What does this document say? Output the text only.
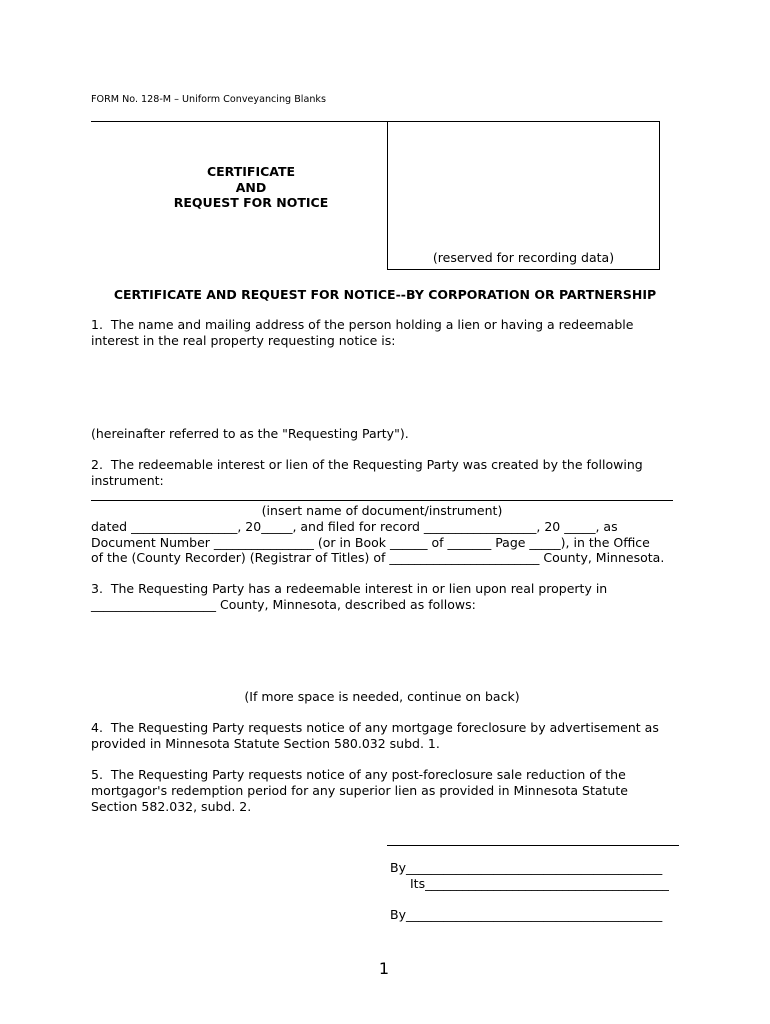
FORM No. 128-M – Uniform Conveyancing Blanks
CERTIFICATE
AND
REQUEST FOR NOTICE
(reserved for recording data)
CERTIFICATE AND REQUEST FOR NOTICE--BY CORPORATION OR PARTNERSHIP
1.  The name and mailing address of the person holding a lien or having a redeemable
interest in the real property requesting notice is:
(hereinafter referred to as the "Requesting Party").
2.  The redeemable interest or lien of the Requesting Party was created by the following
instrument:
(insert name of document/instrument)
dated _________________, 20_____, and filed for record __________________, 20 _____, as
Document Number ________________ (or in Book ______ of _______ Page _____), in the Office
of the (County Recorder) (Registrar of Titles) of ________________________ County, Minnesota.
3.  The Requesting Party has a redeemable interest in or lien upon real property in
____________________ County, Minnesota, described as follows:
(If more space is needed, continue on back)
4.  The Requesting Party requests notice of any mortgage foreclosure by advertisement as
provided in Minnesota Statute Section 580.032 subd. 1.
5.  The Requesting Party requests notice of any post-foreclosure sale reduction of the
mortgagor's redemption period for any superior lien as provided in Minnesota Statute
Section 582.032, subd. 2.
By_________________________________________
Its_______________________________________
By_________________________________________
1
